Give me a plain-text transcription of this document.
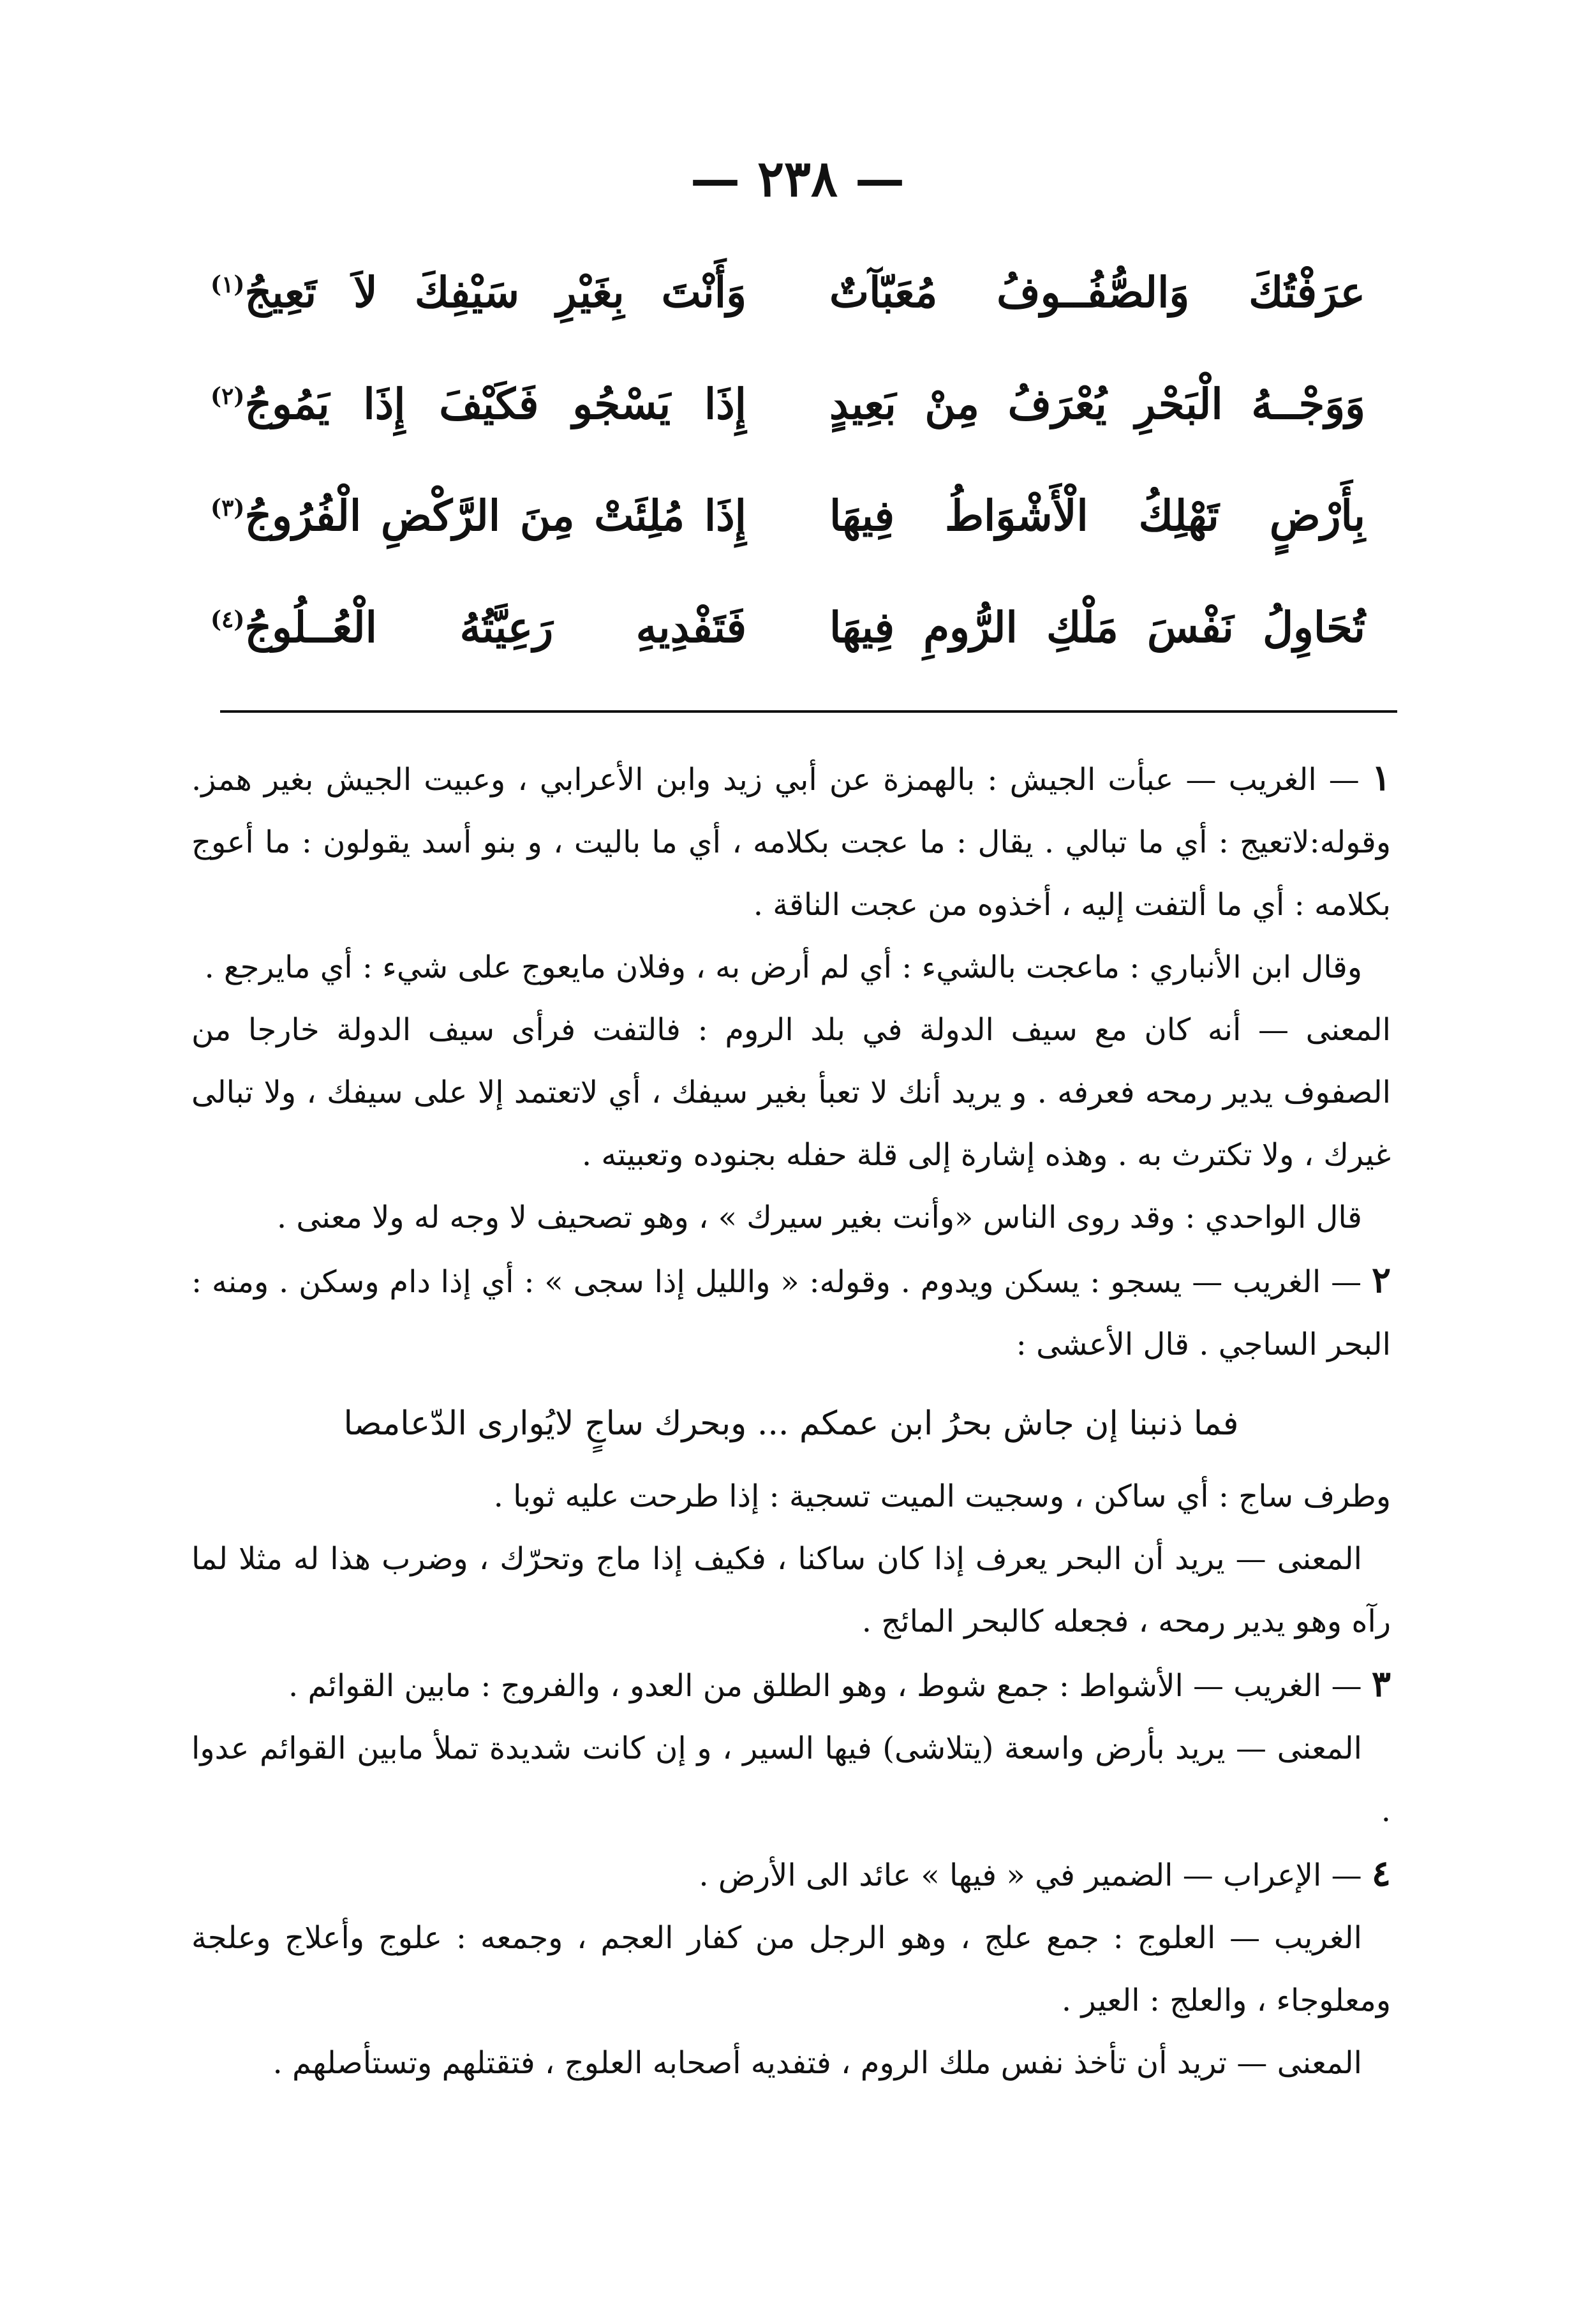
— ٢٣٨ —
عرَفْتُكَ وَالصُّفُــوفُ مُعَبّآتٌ
وَأَنْتَ بِغَيْرِ سَيْفِكَ لاَ تَعِيجُ$^{(١)}$
وَوَجْــهُ الْبَحْرِ يُعْرَفُ مِنْ بَعِيدٍ
إِذَا يَسْجُو فَكَيْفَ إِذَا يَمُوجُ$^{(٢)}$
بِأَرْضٍ تَهْلِكُ الْأَشْوَاطُ فِيهَا
إِذَا مُلِئَتْ مِنَ الرَّكْضِ الْفُرُوجُ$^{(٣)}$
تُحَاوِلُ نَفْسَ مَلْكِ الرُّومِ فِيهَا
فَتَفْدِيهِ رَعِيَّتُهُ الْعُــلُوجُ$^{(٤)}$

١ — الغريب — عبأت الجيش : بالهمزة عن أبي زيد وابن الأعرابي ، وعبيت الجيش بغير همز. وقوله:لاتعيج : أي ما تبالي . يقال : ما عجت بكلامه ، أي ما باليت ، و بنو أسد يقولون : ما أعوج بكلامه : أي ما ألتفت إليه ، أخذوه من عجت الناقة .

وقال ابن الأنباري : ماعجت بالشيء : أي لم أرض به ، وفلان مايعوج على شيء : أي مايرجع .

المعنى — أنه كان مع سيف الدولة في بلد الروم : فالتفت فرأى سيف الدولة خارجا من الصفوف يدير رمحه فعرفه . و يريد أنك لا تعبأ بغير سيفك ، أي لاتعتمد إلا على سيفك ، ولا تبالى غيرك ، ولا تكترث به . وهذه إشارة إلى قلة حفله بجنوده وتعبيته .

قال الواحدي : وقد روى الناس «وأنت بغير سيرك » ، وهو تصحيف لا وجه له ولا معنى .

٢ — الغريب — يسجو : يسكن ويدوم . وقوله: « والليل إذا سجى » : أي إذا دام وسكن . ومنه : البحر الساجي . قال الأعشى :

فما ذنبنا إن جاش بحرُ ابن عمكم ... وبحرك ساجٍ لايُوارى الدّعامصا

وطرف ساج : أي ساكن ، وسجيت الميت تسجية : إذا طرحت عليه ثوبا .

المعنى — يريد أن البحر يعرف إذا كان ساكنا ، فكيف إذا ماج وتحرّك ، وضرب هذا له مثلا لما رآه وهو يدير رمحه ، فجعله كالبحر المائج .

٣ — الغريب — الأشواط : جمع شوط ، وهو الطلق من العدو ، والفروج : مابين القوائم .

المعنى — يريد بأرض واسعة (يتلاشى) فيها السير ، و إن كانت شديدة تملأ مابين القوائم عدوا .

٤ — الإعراب — الضمير في « فيها » عائد الى الأرض .

الغريب — العلوج : جمع علج ، وهو الرجل من كفار العجم ، وجمعه : علوج وأعلاج وعلجة ومعلوجاء ، والعلج : العير .

المعنى — تريد أن تأخذ نفس ملك الروم ، فتفديه أصحابه العلوج ، فتقتلهم وتستأصلهم .
